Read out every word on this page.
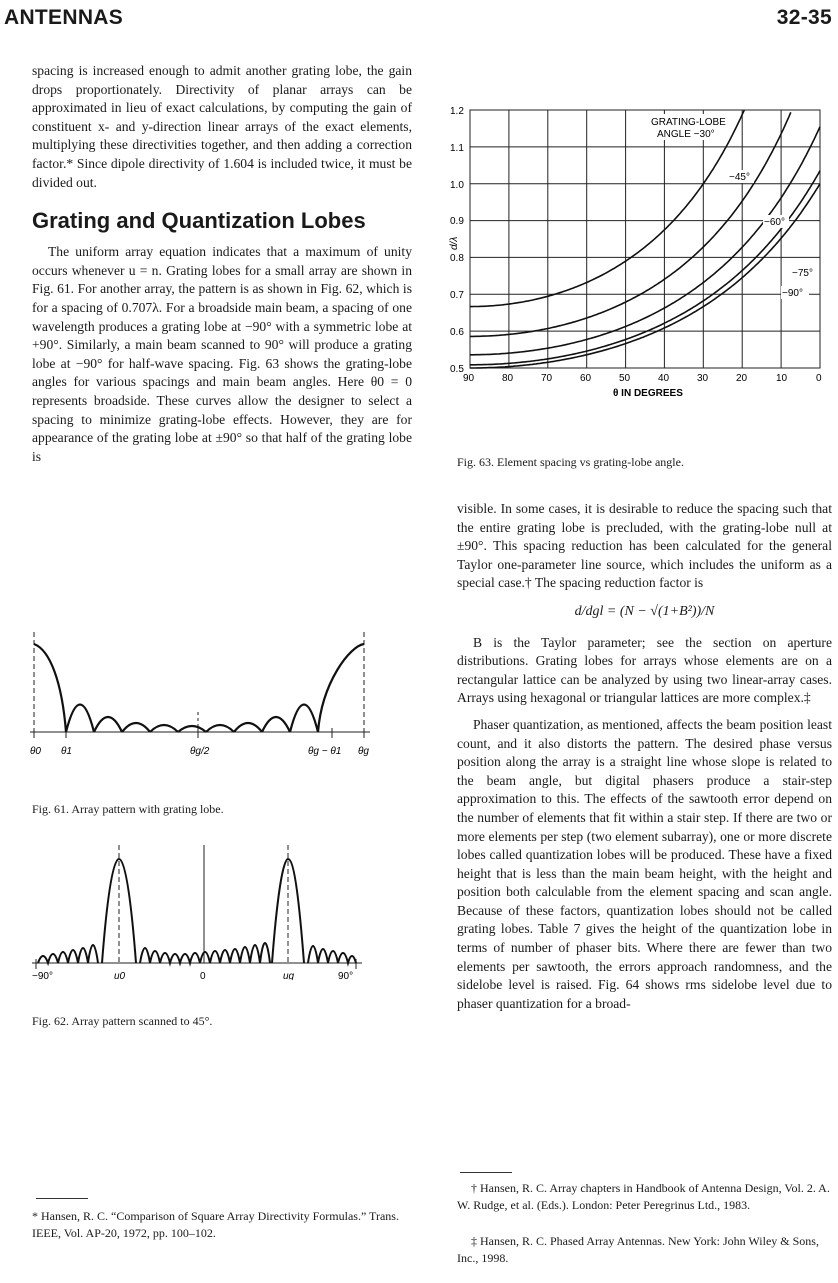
ANTENNAS	32-35

spacing is increased enough to admit another grating lobe, the gain drops proportionately. Directivity of planar arrays can be approximated in lieu of exact calculations, by computing the gain of constituent x- and y-direction linear arrays of the exact elements, multiplying these directivities together, and then adding a correction factor.* Since dipole directivity of 1.604 is included twice, it must be divided out.

Grating and Quantization Lobes

The uniform array equation indicates that a maximum of unity occurs whenever u = n. Grating lobes for a small array are shown in Fig. 61. For another array, the pattern is as shown in Fig. 62, which is for a spacing of 0.707λ. For a broadside main beam, a spacing of one wavelength produces a grating lobe at −90° with a symmetric lobe at +90°. Similarly, a main beam scanned to 90° will produce a grating lobe at −90° for half-wave spacing. Fig. 63 shows the grating-lobe angles for various spacings and main beam angles. Here θ0 = 0 represents broadside. These curves allow the designer to select a spacing to minimize grating-lobe effects. However, they are for appearance of the grating lobe at ±90° so that half of the grating lobe is

θ0 θ1	θg/2	θg − θ1 θg
Fig. 61. Array pattern with grating lobe.
−90°	u0	0	ug	90°
Fig. 62. Array pattern scanned to 45°.
* Hansen, R. C. “Comparison of Square Array Directivity Formulas.” Trans. IEEE, Vol. AP-20, 1972, pp. 100–102.
1.2
1.1
1.0
0.9
0.8
0.7
0.6
0.5
90	80	70	60	50	40	30	20	10	0
θ IN DEGREES
d/λ
GRATING-LOBE
ANGLE −30°
−45°
−60°
−75°
−90°
Fig. 63. Element spacing vs grating-lobe angle.

visible. In some cases, it is desirable to reduce the spacing such that the entire grating lobe is precluded, with the grating-lobe null at ±90°. This spacing reduction has been calculated for the general Taylor one-parameter line source, which includes the uniform as a special case.† The spacing reduction factor is

d/dgl = (N − √(1+B²))/N

B is the Taylor parameter; see the section on aperture distributions. Grating lobes for arrays whose elements are on a rectangular lattice can be analyzed by using two linear-array cases. Arrays using hexagonal or triangular lattices are more complex.‡

Phaser quantization, as mentioned, affects the beam position least count, and it also distorts the pattern. The desired phase versus position along the array is a straight line whose slope is related to the beam angle, but digital phasers produce a stair-step approximation to this. The effects of the sawtooth error depend on the number of elements that fit within a stair step. If there are two or more elements per step (two element subarray), one or more discrete lobes called quantization lobes will be produced. These have a fixed height that is less than the main beam height, with the height and position both calculable from the element spacing and scan angle. Because of these factors, quantization lobes should not be called grating lobes. Table 7 gives the height of the quantization lobe in terms of number of phaser bits. Where there are fewer than two elements per sawtooth, the errors approach randomness, and the sidelobe level is raised. Fig. 64 shows rms sidelobe level due to phaser quantization for a broad-

† Hansen, R. C. Array chapters in Handbook of Antenna Design, Vol. 2. A. W. Rudge, et al. (Eds.). London: Peter Peregrinus Ltd., 1983.
‡ Hansen, R. C. Phased Array Antennas. New York: John Wiley & Sons, Inc., 1998.
